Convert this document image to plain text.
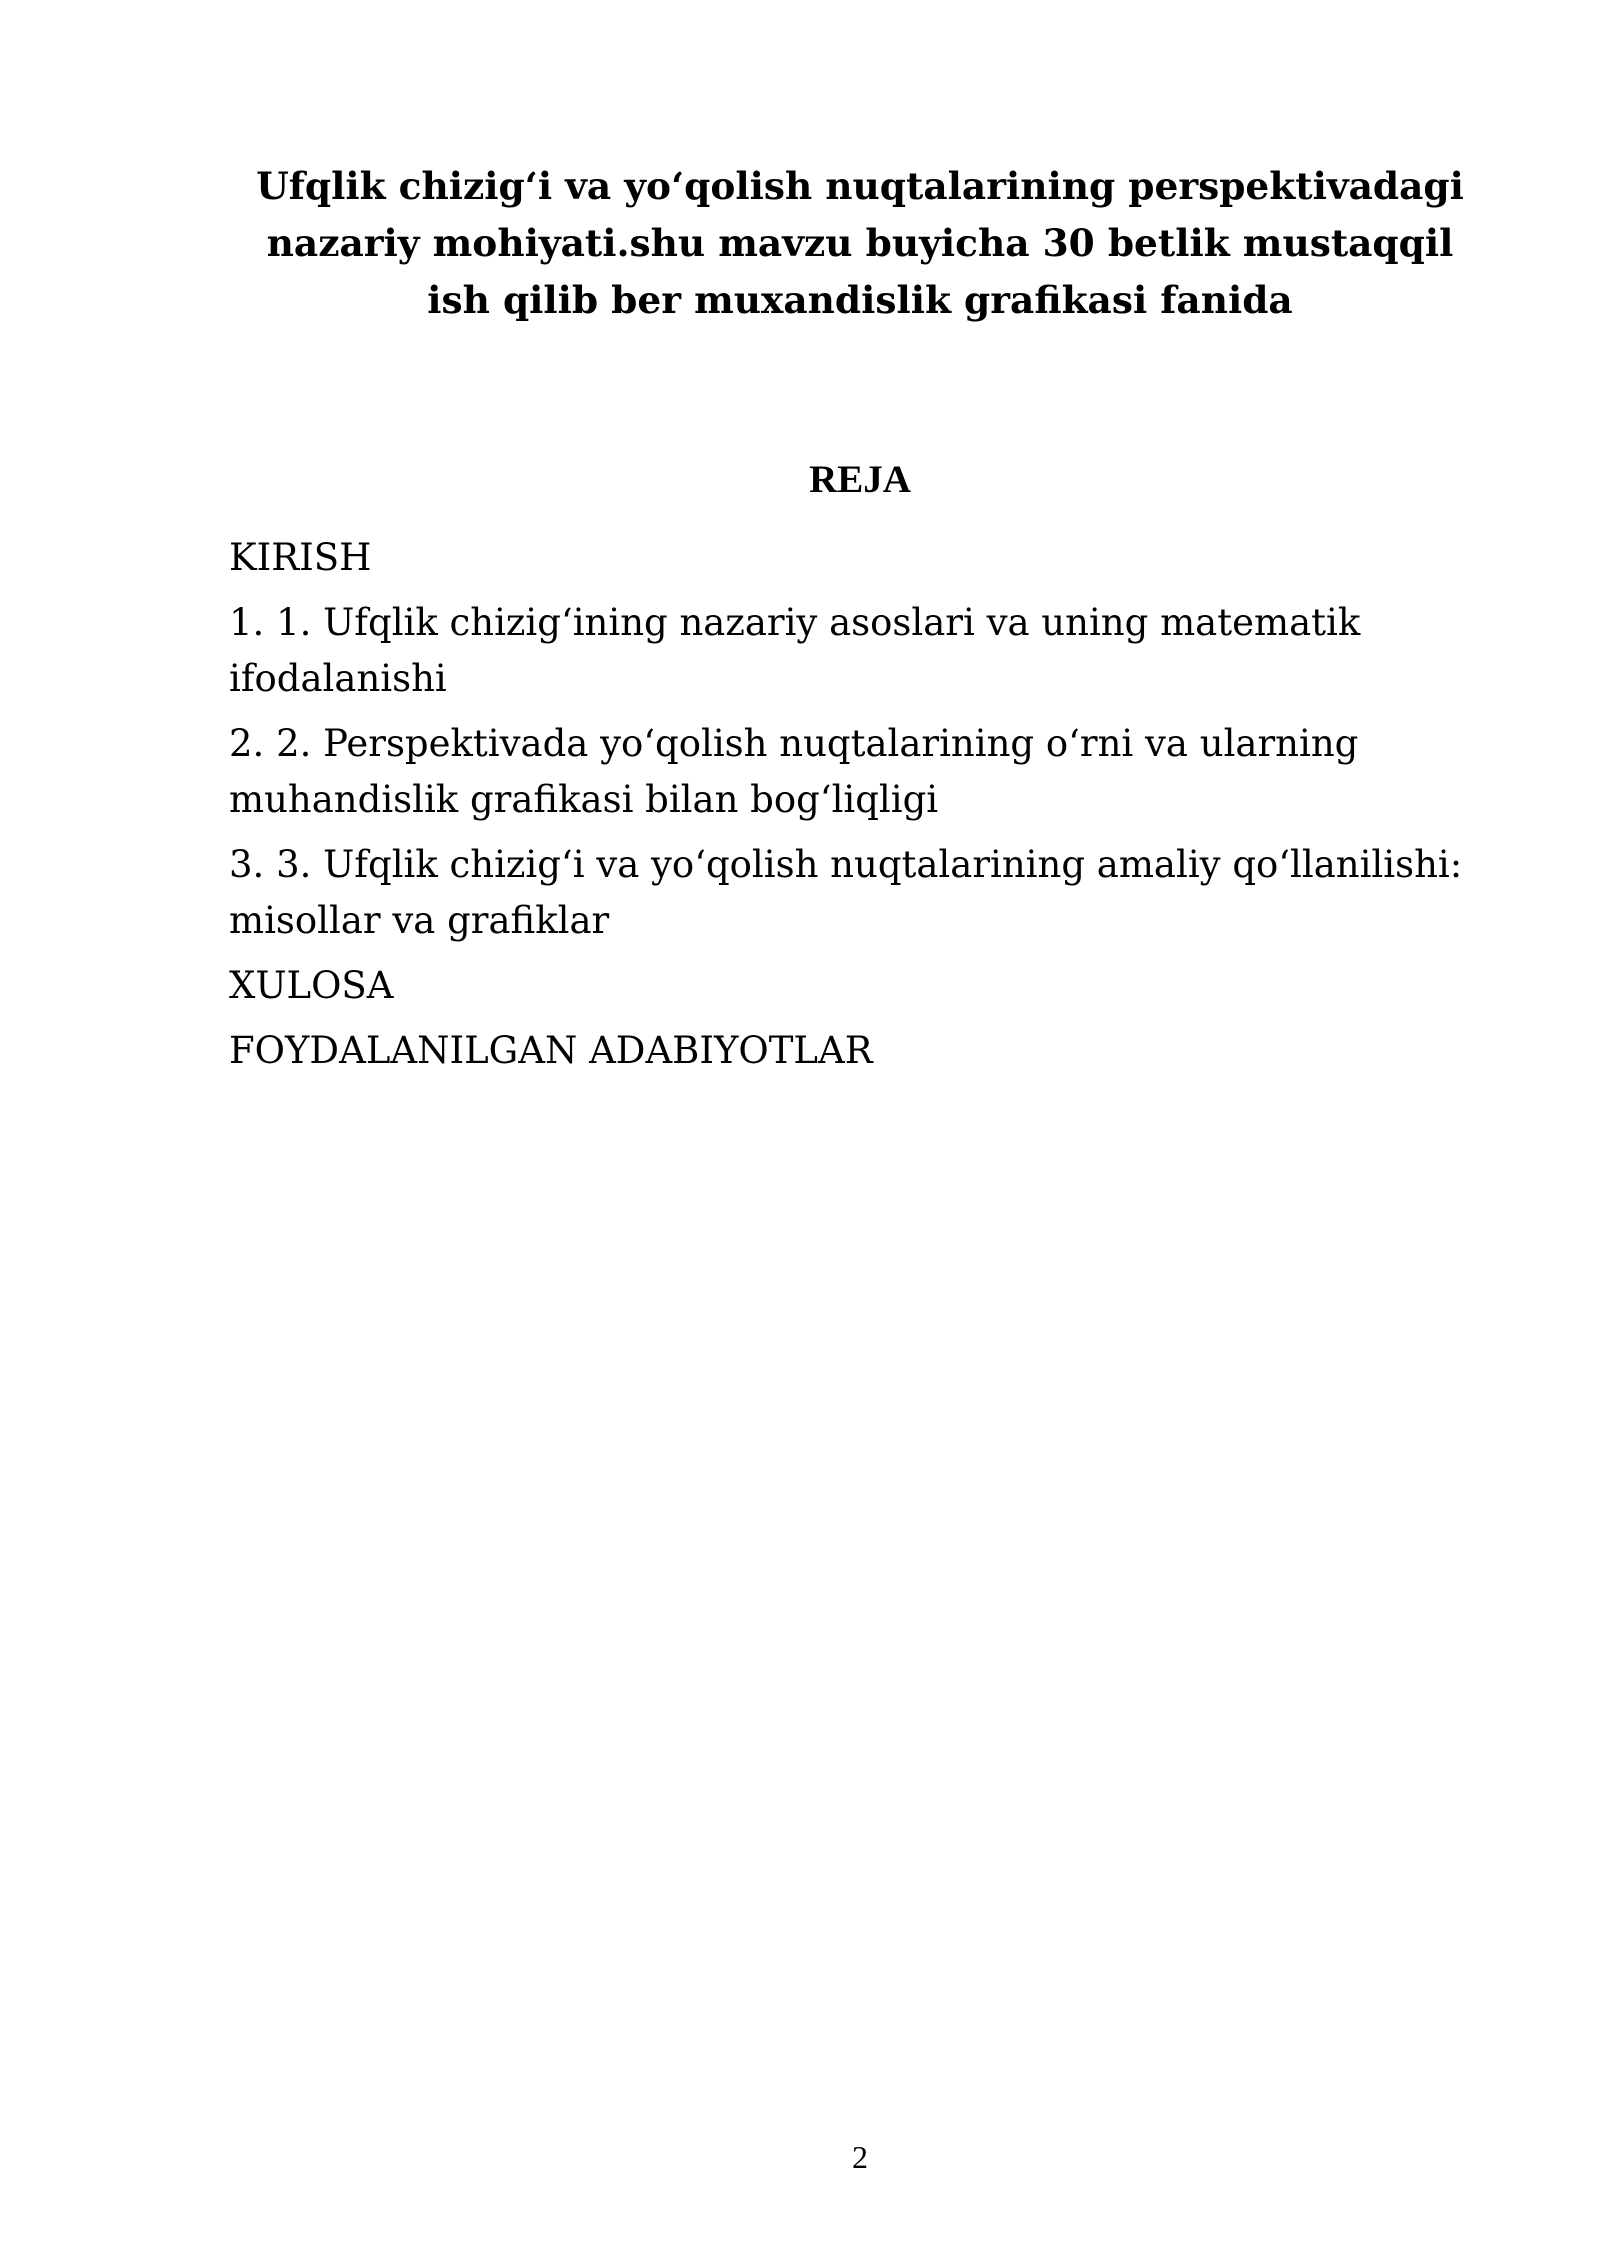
Ufqlik chizig‘i va yo‘qolish nuqtalarining perspektivadagi
nazariy mohiyati.shu mavzu buyicha 30 betlik mustaqqil
ish qilib ber muxandislik grafikasi fanida
REJA
KIRISH
1. 1. Ufqlik chizig‘ining nazariy asoslari va uning matematik
ifodalanishi
2. 2. Perspektivada yo‘qolish nuqtalarining o‘rni va ularning
muhandislik grafikasi bilan bog‘liqligi
3. 3. Ufqlik chizig‘i va yo‘qolish nuqtalarining amaliy qo‘llanilishi:
misollar va grafiklar
XULOSA
FOYDALANILGAN ADABIYOTLAR
2
